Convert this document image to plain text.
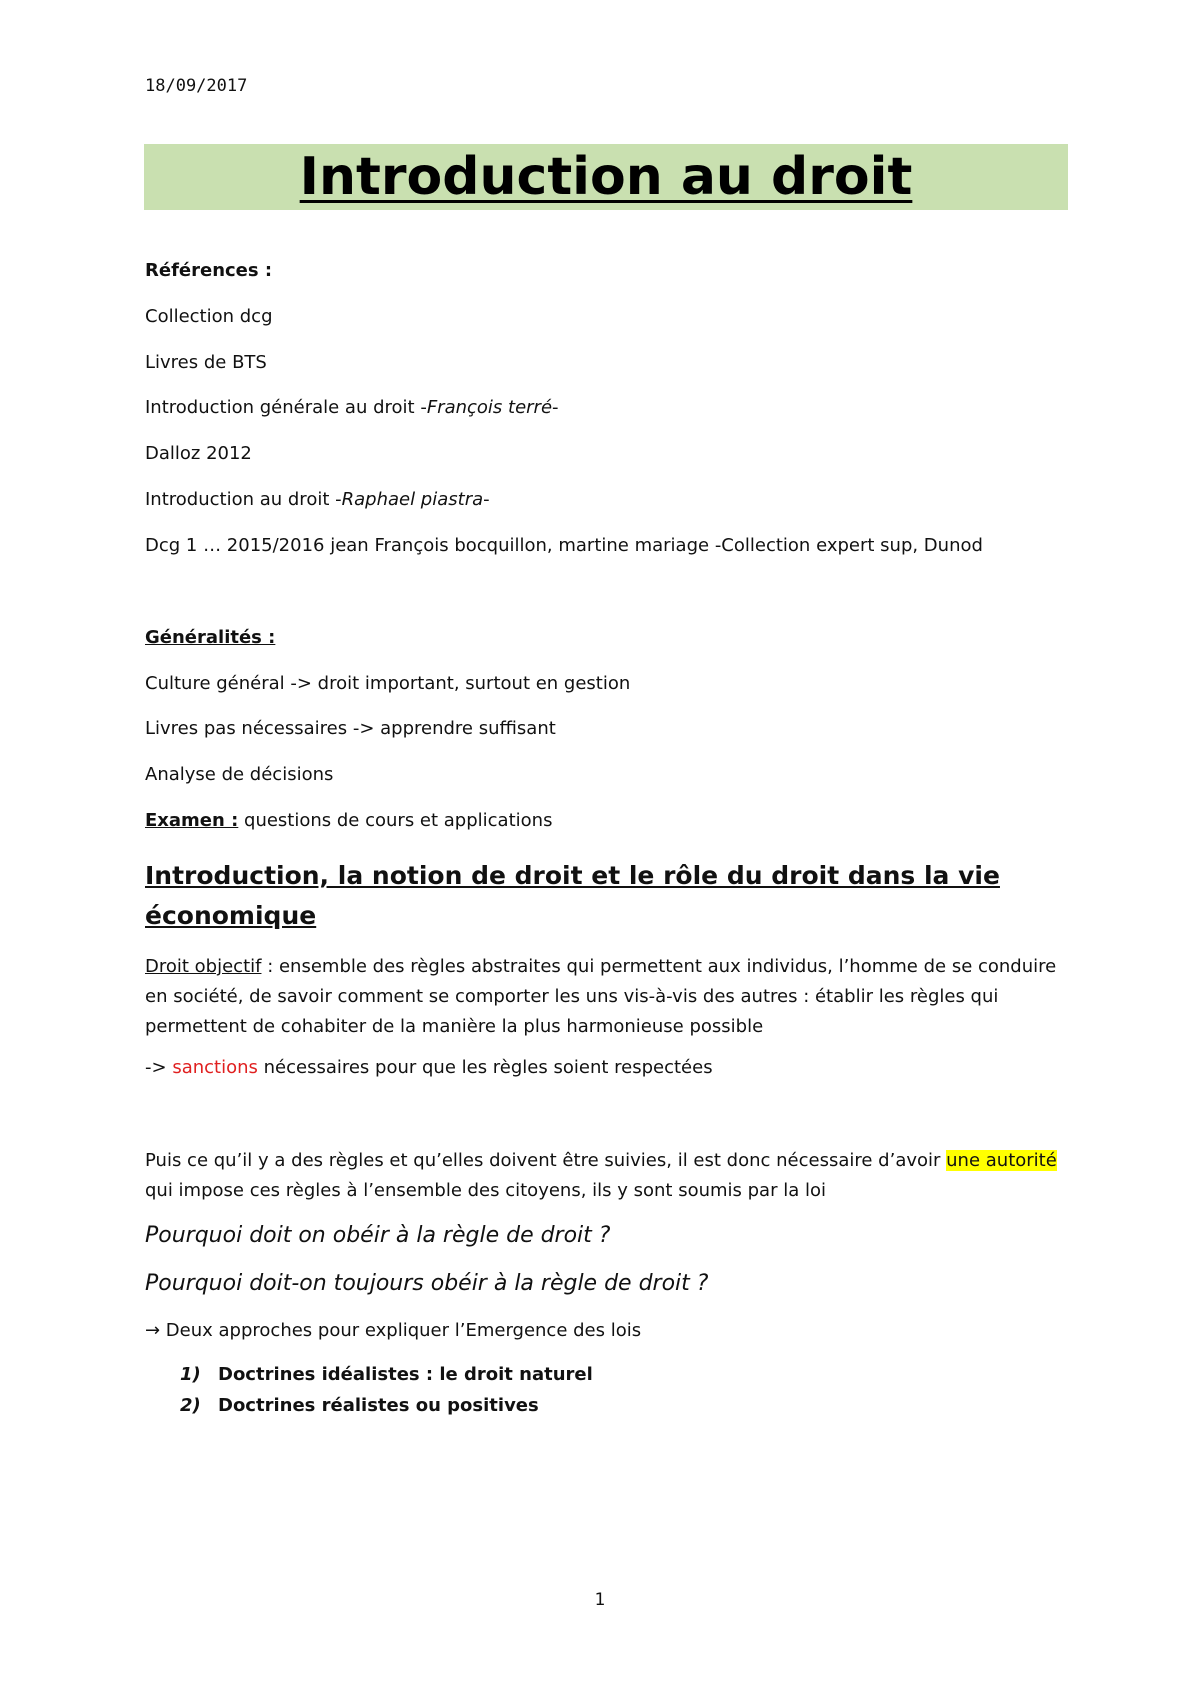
18/09/2017
Introduction au droit

Références :

Collection dcg

Livres de BTS

Introduction générale au droit -François terré-

Dalloz 2012

Introduction au droit -Raphael piastra-

Dcg 1 … 2015/2016 jean François bocquillon, martine mariage -Collection expert sup, Dunod

Généralités :

Culture général -> droit important, surtout en gestion

Livres pas nécessaires -> apprendre suffisant

Analyse de décisions

Examen : questions de cours et applications

Introduction, la notion de droit et le rôle du droit dans la vie économique

Droit objectif : ensemble des règles abstraites qui permettent aux individus, l’homme de se conduire en société, de savoir comment se comporter les uns vis-à-vis des autres : établir les règles qui permettent de cohabiter de la manière la plus harmonieuse possible

-> sanctions nécessaires pour que les règles soient respectées

Puis ce qu’il y a des règles et qu’elles doivent être suivies, il est donc nécessaire d’avoir une autorité qui impose ces règles à l’ensemble des citoyens, ils y sont soumis par la loi

Pourquoi doit on obéir à la règle de droit ?

Pourquoi doit-on toujours obéir à la règle de droit ?

→ Deux approches pour expliquer l’Emergence des lois

1) Doctrines idéalistes : le droit naturel

2) Doctrines réalistes ou positives

1
